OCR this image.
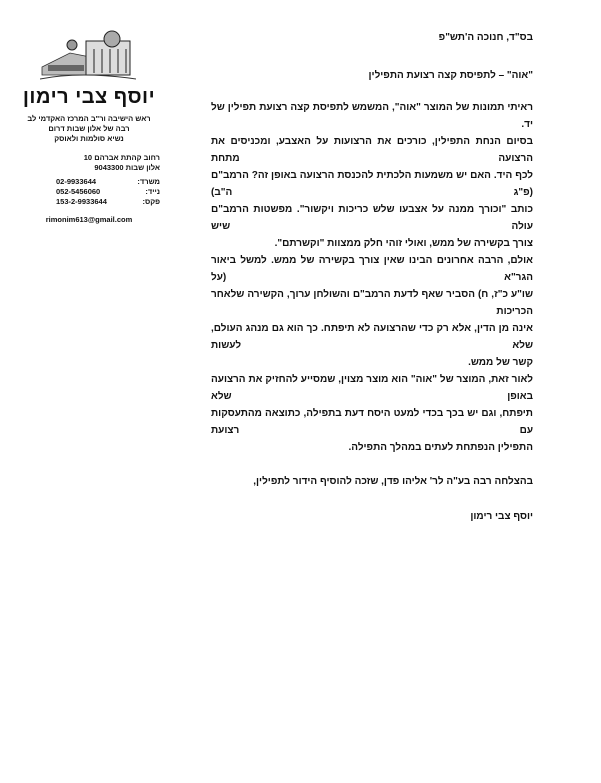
יוסף צבי רימון
ראש הישיבה ור"ב המרכז האקדמי לב
רבה של אלון שבות דרום
נשיא סולמות ולאוסק
רחוב קהתת אברהם 10
אלון שבות 9043300
משרד:
02-9933644
נייד:
052-5456060
פקס:
153-2-9933644
rimonim613@gmail.com
בס"ד, חנוכה ה'תש"פ
"אוה" – לתפיסת קצה רצועת התפילין
ראיתי תמונות של המוצר "אוה", המשמש לתפיסת קצה רצועת תפילין של יד.
בסיום הנחת התפילין, כורכים את הרצועות על האצבע, ומכניסים את הרצועה מתחת
לכף היד. האם יש משמעות הלכתית להכנסת הרצועה באופן זה? הרמב"ם (פ"ג ה"ב)
כותב "וכורך ממנה על אצבעו שלש כריכות ויקשור". מפשטות הרמב"ם עולה שיש
צורך בקשירה של ממש, ואולי זוהי חלק ממצוות "וקשרתם".
אולם, הרבה אחרונים הבינו שאין צורך בקשירה של ממש. למשל ביאור הגר"א (על
שו"ע כ"ז, ח) הסביר שאף לדעת הרמב"ם והשולחן ערוך, הקשירה שלאחר הכריכות
אינה מן הדין, אלא רק כדי שהרצועה לא תיפתח. כך הוא גם מנהג העולם, שלא לעשות
קשר של ממש.
לאור זאת, המוצר של "אוה" הוא מוצר מצוין, שמסייע להחזיק את הרצועה באופן שלא
תיפתח, וגם יש בכך בכדי למעט היסח דעת בתפילה, כתוצאה מהתעסקות עם רצועת
התפילין הנפתחת לעתים במהלך התפילה.
בהצלחה רבה בע"ה לר' אליהו פדן, שזכה להוסיף הידור לתפילין,
יוסף צבי רימון
